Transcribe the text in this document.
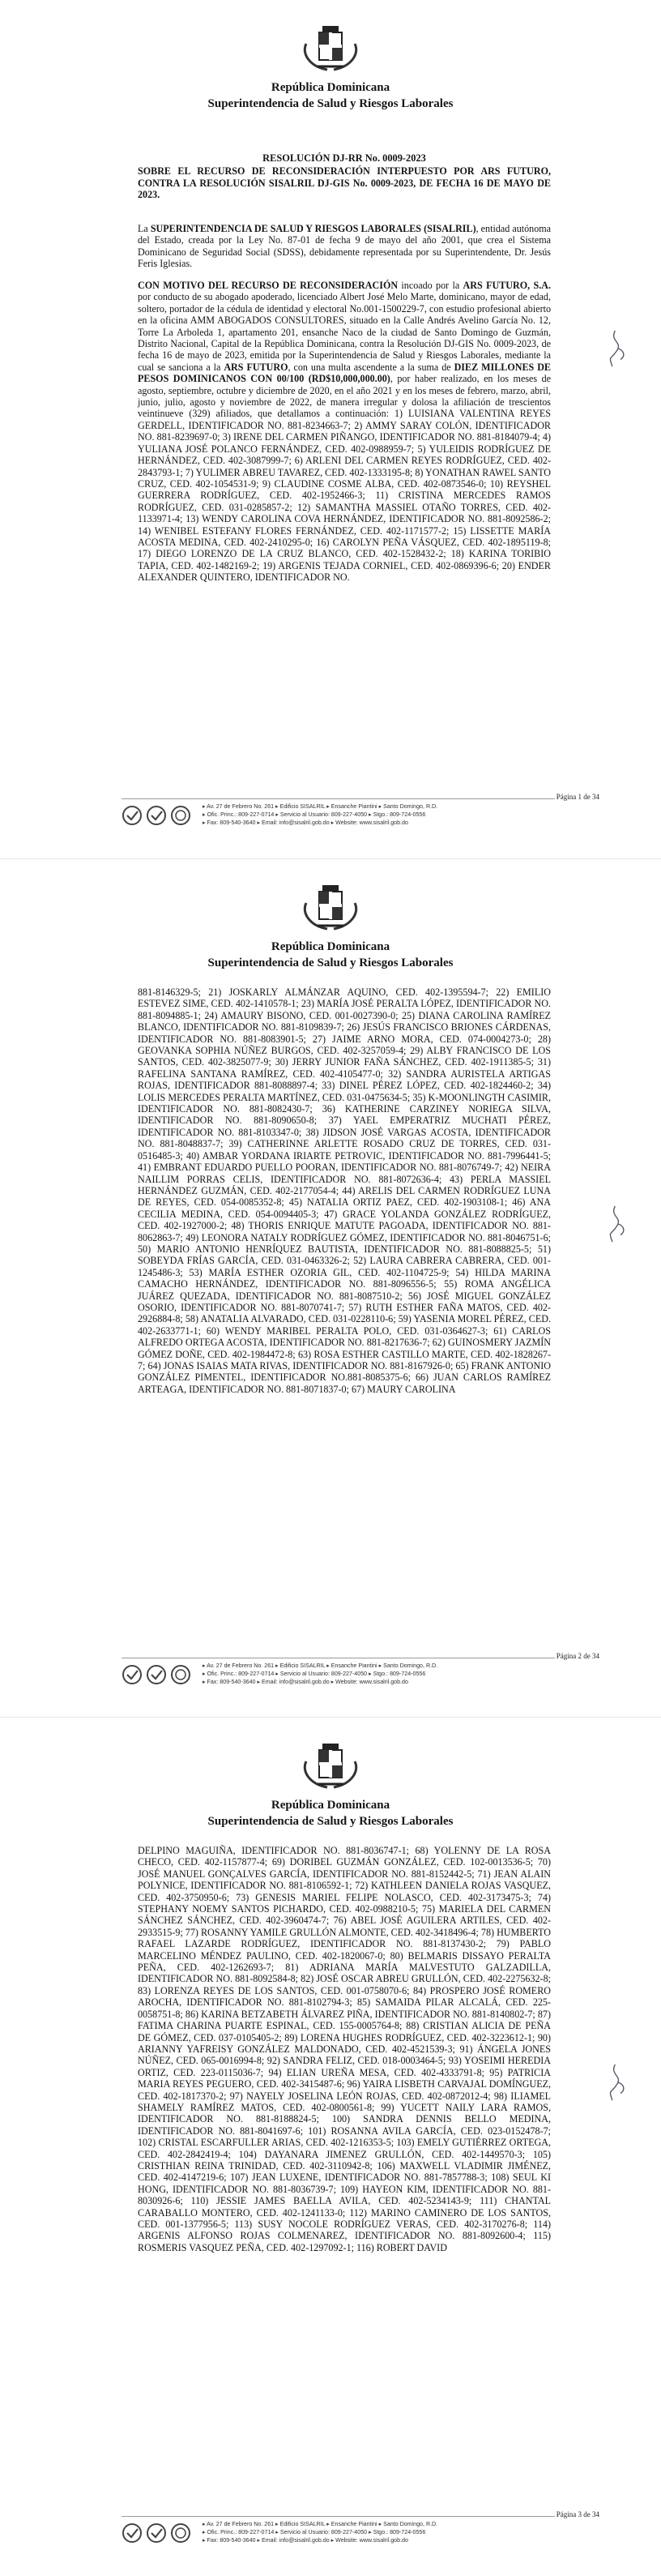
República Dominicana
Superintendencia de Salud y Riesgos Laborales
RESOLUCIÓN DJ-RR No. 0009-2023
SOBRE EL RECURSO DE RECONSIDERACIÓN INTERPUESTO POR ARS FUTURO, CONTRA LA RESOLUCIÓN SISALRIL DJ-GIS No. 0009-2023, DE FECHA 16 DE MAYO DE 2023.

La SUPERINTENDENCIA DE SALUD Y RIESGOS LABORALES (SISALRIL), entidad autónoma del Estado, creada por la Ley No. 87-01 de fecha 9 de mayo del año 2001, que crea el Sistema Dominicano de Seguridad Social (SDSS), debidamente representada por su Superintendente, Dr. Jesús Feris Iglesias.

CON MOTIVO DEL RECURSO DE RECONSIDERACIÓN incoado por la ARS FUTURO, S.A. por conducto de su abogado apoderado, licenciado Albert José Melo Marte, dominicano, mayor de edad, soltero, portador de la cédula de identidad y electoral No.001-1500229-7, con estudio profesional abierto en la oficina AMM ABOGADOS CONSULTORES, situado en la Calle Andrés Avelino García No. 12, Torre La Arboleda 1, apartamento 201, ensanche Naco de la ciudad de Santo Domingo de Guzmán, Distrito Nacional, Capital de la República Dominicana, contra la Resolución DJ-GIS No. 0009-2023, de fecha 16 de mayo de 2023, emitida por la Superintendencia de Salud y Riesgos Laborales, mediante la cual se sanciona a la ARS FUTURO, con una multa ascendente a la suma de DIEZ MILLONES DE PESOS DOMINICANOS CON 00/100 (RD$10,000,000.00), por haber realizado, en los meses de agosto, septiembre, octubre y diciembre de 2020, en el año 2021 y en los meses de febrero, marzo, abril, junio, julio, agosto y noviembre de 2022, de manera irregular y dolosa la afiliación de trescientos veintinueve (329) afiliados, que detallamos a continuación: 1) LUISIANA VALENTINA REYES GERDELL, IDENTIFICADOR NO. 881-8234663-7; 2) AMMY SARAY COLÓN, IDENTIFICADOR NO. 881-8239697-0; 3) IRENE DEL CARMEN PIÑANGO, IDENTIFICADOR NO. 881-8184079-4; 4) YULIANA JOSÉ POLANCO FERNÁNDEZ, CED. 402-0988959-7; 5) YULEIDIS RODRÍGUEZ DE HERNÁNDEZ, CED. 402-3087999-7; 6) ARLENI DEL CARMEN REYES RODRÍGUEZ, CED. 402-2843793-1; 7) YULIMER ABREU TAVAREZ, CED. 402-1333195-8; 8) YONATHAN RAWEL SANTO CRUZ, CED. 402-1054531-9; 9) CLAUDINE COSME ALBA, CED. 402-0873546-0; 10) REYSHEL GUERRERA RODRÍGUEZ, CED. 402-1952466-3; 11) CRISTINA MERCEDES RAMOS RODRÍGUEZ, CED. 031-0285857-2; 12) SAMANTHA MASSIEL OTAÑO TORRES, CED. 402-1133971-4; 13) WENDY CAROLINA COVA HERNÁNDEZ, IDENTIFICADOR NO. 881-8092586-2; 14) WENIBEL ESTEFANY FLORES FERNÁNDEZ, CED. 402-1171577-2; 15) LISSETTE MARÍA ACOSTA MEDINA, CED. 402-2410295-0; 16) CAROLYN PEÑA VÁSQUEZ, CED. 402-1895119-8; 17) DIEGO LORENZO DE LA CRUZ BLANCO, CED. 402-1528432-2; 18) KARINA TORIBIO TAPIA, CED. 402-1482169-2; 19) ARGENIS TEJADA CORNIEL, CED. 402-0869396-6; 20) ENDER ALEXANDER QUINTERO, IDENTIFICADOR NO.

Página 1 de 34
▸ Av. 27 de Febrero No. 261 ▸ Edificio SISALRIL ▸ Ensanche Piantini ▸ Santo Domingo, R.D.
▸ Ofic. Princ.: 809-227-0714 ▸ Servicio al Usuario: 809-227-4050 ▸ Stgo.: 809-724-0556
▸ Fax: 809-540-3640 ▸ Email: info@sisalril.gob.do ▸ Website: www.sisalril.gob.do
República Dominicana
Superintendencia de Salud y Riesgos Laborales

881-8146329-5; 21) JOSKARLY ALMÁNZAR AQUINO, CED. 402-1395594-7; 22) EMILIO ESTEVEZ SIME, CED. 402-1410578-1; 23) MARÍA JOSÉ PERALTA LÓPEZ, IDENTIFICADOR NO. 881-8094885-1; 24) AMAURY BISONO, CED. 001-0027390-0; 25) DIANA CAROLINA RAMÍREZ BLANCO, IDENTIFICADOR NO. 881-8109839-7; 26) JESÚS FRANCISCO BRIONES CÁRDENAS, IDENTIFICADOR NO. 881-8083901-5; 27) JAIME ARNO MORA, CED. 074-0004273-0; 28) GEOVANKA SOPHIA NÚÑEZ BURGOS, CED. 402-3257059-4; 29) ALBY FRANCISCO DE LOS SANTOS, CED. 402-3825077-9; 30) JERRY JUNIOR FAÑA SÁNCHEZ, CED. 402-1911385-5; 31) RAFELINA SANTANA RAMÍREZ, CED. 402-4105477-0; 32) SANDRA AURISTELA ARTIGAS ROJAS, IDENTIFICADOR 881-8088897-4; 33) DINEL PÉREZ LÓPEZ, CED. 402-1824460-2; 34) LOLIS MERCEDES PERALTA MARTÍNEZ, CED. 031-0475634-5; 35) K-MOONLINGTH CASIMIR, IDENTIFICADOR NO. 881-8082430-7; 36) KATHERINE CARZINEY NORIEGA SILVA, IDENTIFICADOR NO. 881-8090650-8; 37) YAEL EMPERATRIZ MUCHATI PÉREZ, IDENTIFICADOR NO. 881-8103347-0; 38) JIDSON JOSÉ VARGAS ACOSTA, IDENTIFICADOR NO. 881-8048837-7; 39) CATHERINNE ARLETTE ROSADO CRUZ DE TORRES, CED. 031-0516485-3; 40) AMBAR YORDANA IRIARTE PETROVIC, IDENTIFICADOR NO. 881-7996441-5; 41) EMBRANT EDUARDO PUELLO POORAN, IDENTIFICADOR NO. 881-8076749-7; 42) NEIRA NAILLIM PORRAS CELIS, IDENTIFICADOR NO. 881-8072636-4; 43) PERLA MASSIEL HERNÁNDEZ GUZMÁN, CED. 402-2177054-4; 44) ARELIS DEL CARMEN RODRÍGUEZ LUNA DE REYES, CED. 054-0085352-8; 45) NATALIA ORTIZ PAEZ, CED. 402-1903108-1; 46) ANA CECILIA MEDINA, CED. 054-0094405-3; 47) GRACE YOLANDA GONZÁLEZ RODRÍGUEZ, CED. 402-1927000-2; 48) THORIS ENRIQUE MATUTE PAGOADA, IDENTIFICADOR NO. 881-8062863-7; 49) LEONORA NATALY RODRÍGUEZ GÓMEZ, IDENTIFICADOR NO. 881-8046751-6; 50) MARIO ANTONIO HENRÍQUEZ BAUTISTA, IDENTIFICADOR NO. 881-8088825-5; 51) SOBEYDA FRÍAS GARCÍA, CED. 031-0463326-2; 52) LAURA CABRERA CABRERA, CED. 001-1245486-3; 53) MARÍA ESTHER OZORIA GIL, CED. 402-1104725-9; 54) HILDA MARINA CAMACHO HERNÁNDEZ, IDENTIFICADOR NO. 881-8096556-5; 55) ROMA ANGÉLICA JUÁREZ QUEZADA, IDENTIFICADOR NO. 881-8087510-2; 56) JOSÉ MIGUEL GONZÁLEZ OSORIO, IDENTIFICADOR NO. 881-8070741-7; 57) RUTH ESTHER FAÑA MATOS, CED. 402-2926884-8; 58) ANATALIA ALVARADO, CED. 031-0228110-6; 59) YASENIA MOREL PÉREZ, CED. 402-2633771-1; 60) WENDY MARIBEL PERALTA POLO, CED. 031-0364627-3; 61) CARLOS ALFREDO ORTEGA ACOSTA, IDENTIFICADOR NO. 881-8217636-7; 62) GUINOSMERY JAZMÍN GÓMEZ DOÑE, CED. 402-1984472-8; 63) ROSA ESTHER CASTILLO MARTE, CED. 402-1828267-7; 64) JONAS ISAIAS MATA RIVAS, IDENTIFICADOR NO. 881-8167926-0; 65) FRANK ANTONIO GONZÁLEZ PIMENTEL, IDENTIFICADOR NO.881-8085375-6; 66) JUAN CARLOS RAMÍREZ ARTEAGA, IDENTIFICADOR NO. 881-8071837-0; 67) MAURY CAROLINA

Página 2 de 34
▸ Av. 27 de Febrero No. 261 ▸ Edificio SISALRIL ▸ Ensanche Piantini ▸ Santo Domingo, R.D.
▸ Ofic. Princ.: 809-227-0714 ▸ Servicio al Usuario: 809-227-4050 ▸ Stgo.: 809-724-0556
▸ Fax: 809-540-3640 ▸ Email: info@sisalril.gob.do ▸ Website: www.sisalril.gob.do
República Dominicana
Superintendencia de Salud y Riesgos Laborales

DELPINO MAGUIÑA, IDENTIFICADOR NO. 881-8036747-1; 68) YOLENNY DE LA ROSA CHECO, CED. 402-1157877-4; 69) DORIBEL GUZMÁN GONZÁLEZ, CED. 102-0013536-5; 70) JOSÉ MANUEL GONÇALVES GARCÍA, IDENTIFICADOR NO. 881-8152442-5; 71) JEAN ALAIN POLYNICE, IDENTIFICADOR NO. 881-8106592-1; 72) KATHLEEN DANIELA ROJAS VASQUEZ, CED. 402-3750950-6; 73) GENESIS MARIEL FELIPE NOLASCO, CED. 402-3173475-3; 74) STEPHANY NOEMY SANTOS PICHARDO, CED. 402-0988210-5; 75) MARIELA DEL CARMEN SÁNCHEZ SÁNCHEZ, CED. 402-3960474-7; 76) ABEL JOSÉ AGUILERA ARTILES, CED. 402-2933515-9; 77) ROSANNY YAMILE GRULLÓN ALMONTE, CED. 402-3418496-4; 78) HUMBERTO RAFAEL LAZARDE RODRÍGUEZ, IDENTIFICADOR NO. 881-8137430-2; 79) PABLO MARCELINO MÉNDEZ PAULINO, CED. 402-1820067-0; 80) BELMARIS DISSAYO PERALTA PEÑA, CED. 402-1262693-7; 81) ADRIANA MARÍA MALVESTUTO GALZADILLA, IDENTIFICADOR NO. 881-8092584-8; 82) JOSÉ OSCAR ABREU GRULLÓN, CED. 402-2275632-8; 83) LORENZA REYES DE LOS SANTOS, CED. 001-0758070-6; 84) PROSPERO JOSÉ ROMERO AROCHA, IDENTIFICADOR NO. 881-8102794-3; 85) SAMAIDA PILAR ALCALÁ, CED. 225-0058751-8; 86) KARINA BETZABETH ÁLVAREZ PIÑA, IDENTIFICADOR NO. 881-8140802-7; 87) FATIMA CHARINA PUARTE ESPINAL, CED. 155-0005764-8; 88) CRISTIAN ALICIA DE PEÑA DE GÓMEZ, CED. 037-0105405-2; 89) LORENA HUGHES RODRÍGUEZ, CED. 402-3223612-1; 90) ARIANNY YAFREISY GONZÁLEZ MALDONADO, CED. 402-4521539-3; 91) ÁNGELA JONES NÚÑEZ, CED. 065-0016994-8; 92) SANDRA FELIZ, CED. 018-0003464-5; 93) YOSEIMI HEREDIA ORTIZ, CED. 223-0115036-7; 94) ELIAN UREÑA MESA, CED. 402-4333791-8; 95) PATRICIA MARIA REYES PEGUERO, CED. 402-3415487-6; 96) YAIRA LISBETH CARVAJAL DOMÍNGUEZ, CED. 402-1817370-2; 97) NAYELY JOSELINA LEÓN ROJAS, CED. 402-0872012-4; 98) ILIAMEL SHAMELY RAMÍREZ MATOS, CED. 402-0800561-8; 99) YUCETT NAILY LARA RAMOS, IDENTIFICADOR NO. 881-8188824-5; 100) SANDRA DENNIS BELLO MEDINA, IDENTIFICADOR NO. 881-8041697-6; 101) ROSANNA AVILA GARCÍA, CED. 023-0152478-7; 102) CRISTAL ESCARFULLER ARIAS, CED. 402-1216353-5; 103) EMELY GUTIÉRREZ ORTEGA, CED. 402-2842419-4; 104) DAYANARA JIMENEZ GRULLÓN, CED. 402-1449570-3; 105) CRISTHIAN REINA TRINIDAD, CED. 402-3110942-8; 106) MAXWELL VLADIMIR JIMÉNEZ, CED. 402-4147219-6; 107) JEAN LUXENE, IDENTIFICADOR NO. 881-7857788-3; 108) SEUL KI HONG, IDENTIFICADOR NO. 881-8036739-7; 109) HAYEON KIM, IDENTIFICADOR NO. 881-8030926-6; 110) JESSIE JAMES BAELLA AVILA, CED. 402-5234143-9; 111) CHANTAL CARABALLO MONTERO, CED. 402-1241133-0; 112) MARINO CAMINERO DE LOS SANTOS, CED. 001-1377956-5; 113) SUSY NOCOLE RODRÍGUEZ VERAS, CED. 402-3170276-8; 114) ARGENIS ALFONSO ROJAS COLMENAREZ, IDENTIFICADOR NO. 881-8092600-4; 115) ROSMERIS VASQUEZ PEÑA, CED. 402-1297092-1; 116) ROBERT DAVID

Página 3 de 34
▸ Av. 27 de Febrero No. 261 ▸ Edificio SISALRIL ▸ Ensanche Piantini ▸ Santo Domingo, R.D.
▸ Ofic. Princ.: 809-227-0714 ▸ Servicio al Usuario: 809-227-4050 ▸ Stgo.: 809-724-0556
▸ Fax: 809-540-3640 ▸ Email: info@sisalril.gob.do ▸ Website: www.sisalril.gob.do
